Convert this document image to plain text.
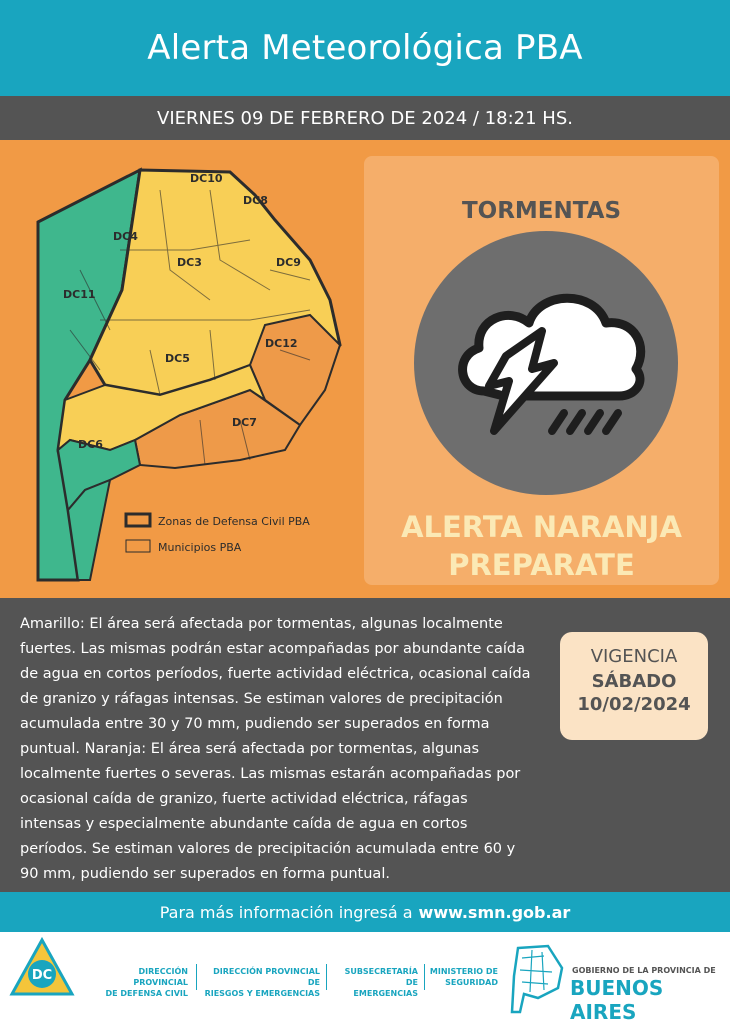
Alerta Meteorológica PBA
VIERNES 09 DE FEBRERO DE 2024 / 18:21 HS.
DC10
DC8
DC4
DC3	DC9
DC11
DC12
DC5
DC7
DC6
Zonas de Defensa Civil PBA
Municipios PBA
TORMENTAS
ALERTA NARANJA
PREPARATE

Amarillo: El área será afectada por tormentas, algunas localmente fuertes. Las mismas podrán estar acompañadas por abundante caída de agua en cortos períodos, fuerte actividad eléctrica, ocasional caída de granizo y ráfagas intensas. Se estiman valores de precipitación acumulada entre 30 y 70 mm, pudiendo ser superados en forma puntual. Naranja: El área será afectada por tormentas, algunas localmente fuertes o severas. Las mismas estarán acompañadas por ocasional caída de granizo, fuerte actividad eléctrica, ráfagas intensas y especialmente abundante caída de agua en cortos períodos. Se estiman valores de precipitación acumulada entre 60 y 90 mm, pudiendo ser superados en forma puntual.

VIGENCIA
SÁBADO
10/02/2024
Para más información ingresá a www.smn.gob.ar
DC	DIRECCIÓN PROVINCIAL
DE DEFENSA CIVIL
DIRECCIÓN PROVINCIAL DE
RIESGOS Y EMERGENCIAS
SUBSECRETARÍA DE
EMERGENCIAS
MINISTERIO DE
SEGURIDAD
GOBIERNO DE LA PROVINCIA DE
BUENOS AIRES
